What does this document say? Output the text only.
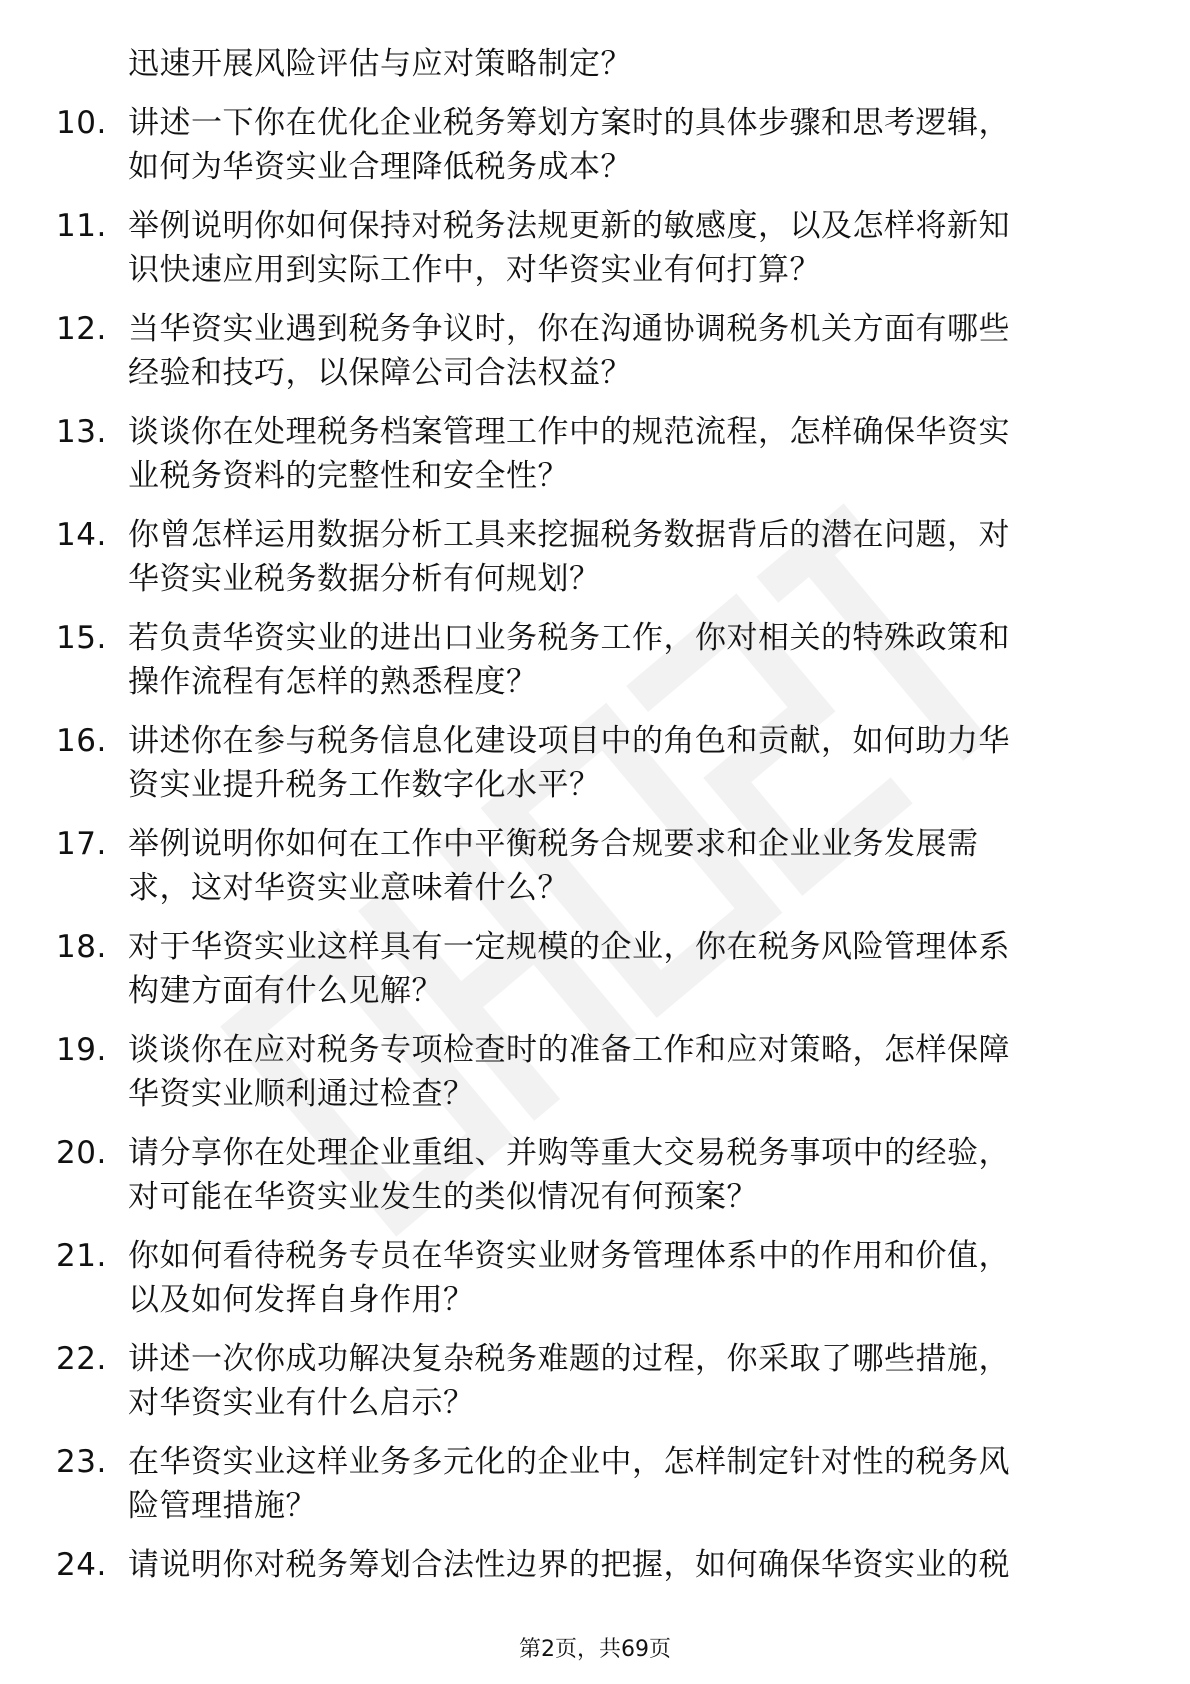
迅速开展风险评估与应对策略制定？
10. 讲述一下你在优化企业税务筹划方案时的具体步骤和思考逻辑，
如何为华资实业合理降低税务成本？
11. 举例说明你如何保持对税务法规更新的敏感度，以及怎样将新知
识快速应用到实际工作中，对华资实业有何打算？
12. 当华资实业遇到税务争议时，你在沟通协调税务机关方面有哪些
经验和技巧，以保障公司合法权益？
13. 谈谈你在处理税务档案管理工作中的规范流程，怎样确保华资实
业税务资料的完整性和安全性？
14. 你曾怎样运用数据分析工具来挖掘税务数据背后的潜在问题，对
华资实业税务数据分析有何规划？
15. 若负责华资实业的进出口业务税务工作，你对相关的特殊政策和
操作流程有怎样的熟悉程度？
16. 讲述你在参与税务信息化建设项目中的角色和贡献，如何助力华
资实业提升税务工作数字化水平？
17. 举例说明你如何在工作中平衡税务合规要求和企业业务发展需
求，这对华资实业意味着什么？
18. 对于华资实业这样具有一定规模的企业，你在税务风险管理体系
构建方面有什么见解？
19. 谈谈你在应对税务专项检查时的准备工作和应对策略，怎样保障
华资实业顺利通过检查？
20. 请分享你在处理企业重组、并购等重大交易税务事项中的经验，
对可能在华资实业发生的类似情况有何预案？
21. 你如何看待税务专员在华资实业财务管理体系中的作用和价值，
以及如何发挥自身作用？
22. 讲述一次你成功解决复杂税务难题的过程，你采取了哪些措施，
对华资实业有什么启示？
23. 在华资实业这样业务多元化的企业中，怎样制定针对性的税务风
险管理措施？
24. 请说明你对税务筹划合法性边界的把握，如何确保华资实业的税
第2页，共69页
